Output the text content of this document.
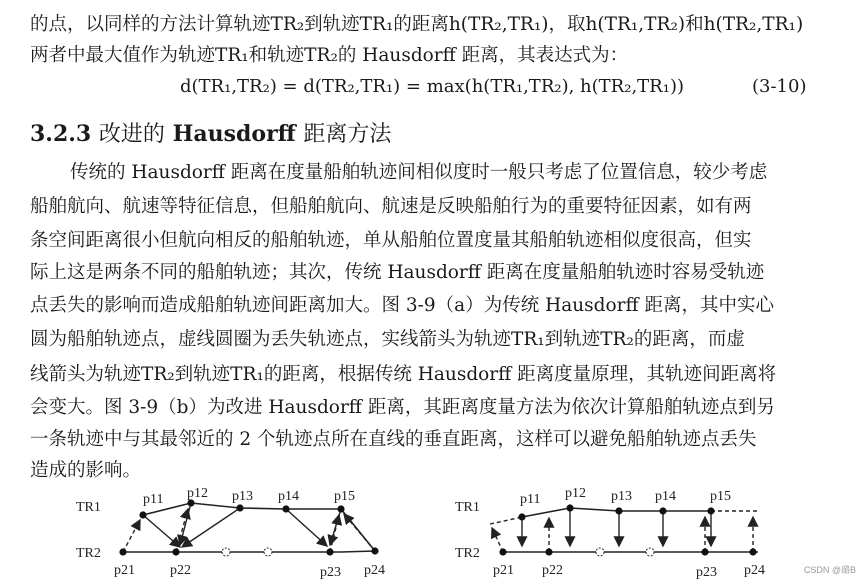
的点，以同样的方法计算轨迹TR₂到轨迹TR₁的距离h(TR₂,TR₁)，取h(TR₁,TR₂)和h(TR₂,TR₁)
两者中最大值作为轨迹TR₁和轨迹TR₂的 Hausdorff 距离，其表达式为：
d(TR₁,TR₂) = d(TR₂,TR₁) = max(h(TR₁,TR₂), h(TR₂,TR₁))	(3-10)
3.2.3 改进的 Hausdorff 距离方法
传统的 Hausdorff 距离在度量船舶轨迹间相似度时一般只考虑了位置信息，较少考虑
船舶航向、航速等特征信息，但船舶航向、航速是反映船舶行为的重要特征因素，如有两
条空间距离很小但航向相反的船舶轨迹，单从船舶位置度量其船舶轨迹相似度很高，但实
际上这是两条不同的船舶轨迹；其次，传统 Hausdorff 距离在度量船舶轨迹时容易受轨迹
点丢失的影响而造成船舶轨迹间距离加大。图 3-9（a）为传统 Hausdorff 距离，其中实心
圆为船舶轨迹点，虚线圆圈为丢失轨迹点，实线箭头为轨迹TR₁到轨迹TR₂的距离，而虚
线箭头为轨迹TR₂到轨迹TR₁的距离，根据传统 Hausdorff 距离度量原理，其轨迹间距离将
会变大。图 3-9（b）为改进 Hausdorff 距离，其距离度量方法为依次计算船舶轨迹点到另
一条轨迹中与其最邻近的 2 个轨迹点所在直线的垂直距离，这样可以避免船舶轨迹点丢失
造成的影响。
TR1
TR2
p11 p12 p13 p14	p15
p21	p22	p23 p24
TR1
TR2
p11 p12 p13 p14 p15
p21 p22	p23 p24	CSDN @璐B
